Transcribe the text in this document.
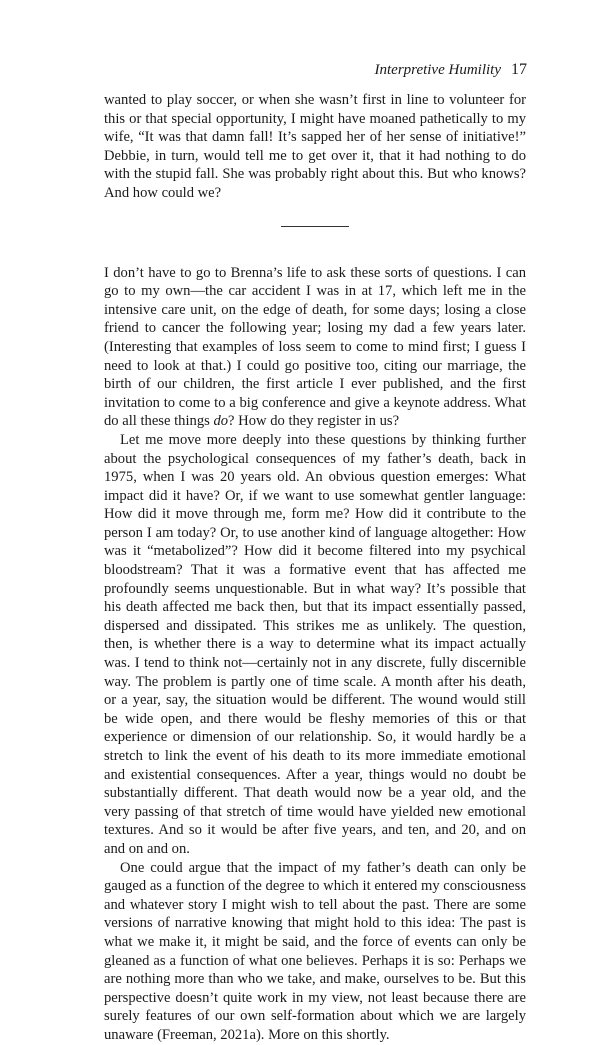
Interpretive Humility 17

wanted to play soccer, or when she wasn’t first in line to volunteer for this or that special opportunity, I might have moaned pathetically to my wife, “It was that damn fall! It’s sapped her of her sense of initiative!” Debbie, in turn, would tell me to get over it, that it had nothing to do with the stupid fall. She was probably right about this. But who knows? And how could we?

I don’t have to go to Brenna’s life to ask these sorts of questions. I can go to my own—the car accident I was in at 17, which left me in the intensive care unit, on the edge of death, for some days; losing a close friend to cancer the following year; losing my dad a few years later. (Interesting that examples of loss seem to come to mind first; I guess I need to look at that.) I could go positive too, citing our marriage, the birth of our children, the first article I ever published, and the first invitation to come to a big conference and give a keynote address. What do all these things do? How do they register in us?

Let me move more deeply into these questions by thinking further about the psychological consequences of my father’s death, back in 1975, when I was 20 years old. An obvious question emerges: What impact did it have? Or, if we want to use somewhat gentler language: How did it move through me, form me? How did it contribute to the person I am today? Or, to use another kind of language altogether: How was it “metabolized”? How did it become filtered into my psychical bloodstream? That it was a formative event that has affected me profoundly seems unquestionable. But in what way? It’s possible that his death affected me back then, but that its impact essentially passed, dispersed and dissipated. This strikes me as unlikely. The question, then, is whether there is a way to determine what its impact actually was. I tend to think not—certainly not in any discrete, fully discernible way. The problem is partly one of time scale. A month after his death, or a year, say, the situation would be different. The wound would still be wide open, and there would be fleshy memories of this or that experience or dimension of our relationship. So, it would hardly be a stretch to link the event of his death to its more immediate emotional and existential consequences. After a year, things would no doubt be substantially different. That death would now be a year old, and the very passing of that stretch of time would have yielded new emotional textures. And so it would be after five years, and ten, and 20, and on and on and on.

One could argue that the impact of my father’s death can only be gauged as a function of the degree to which it entered my consciousness and whatever story I might wish to tell about the past. There are some versions of narrative knowing that might hold to this idea: The past is what we make it, it might be said, and the force of events can only be gleaned as a function of what one believes. Perhaps it is so: Perhaps we are nothing more than who we take, and make, ourselves to be. But this perspective doesn’t quite work in my view, not least because there are surely features of our own self-formation about which we are largely unaware (Freeman, 2021a). More on this shortly.
